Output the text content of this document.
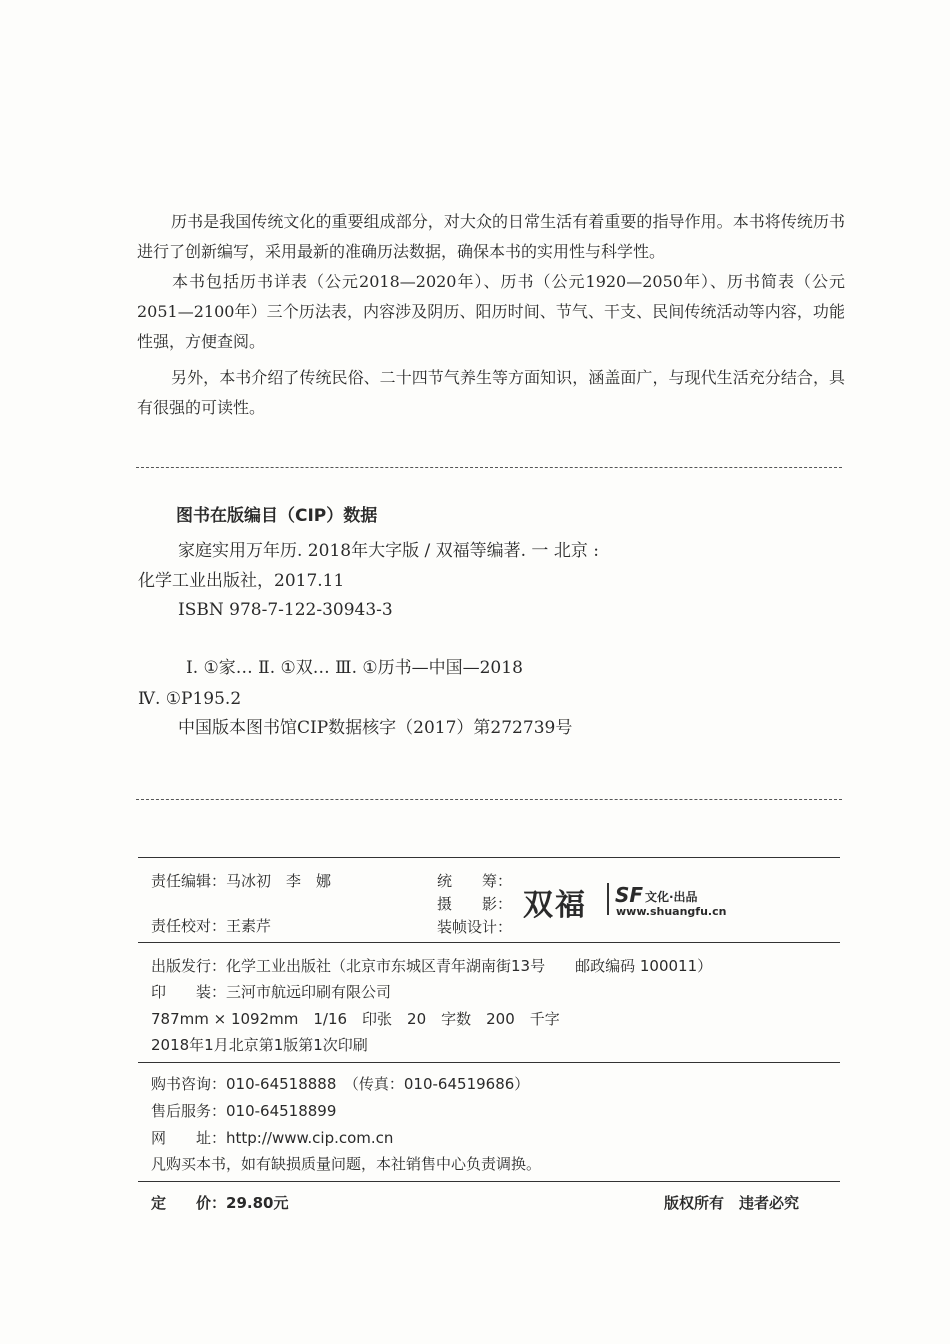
历书是我国传统文化的重要组成部分，对大众的日常生活有着重要的指导作用。本书将传统历书进行了创新编写，采用最新的准确历法数据，确保本书的实用性与科学性。
本书包括历书详表（公元2018—2020年）、历书（公元1920—2050年）、历书简表（公元2051—2100年）三个历法表，内容涉及阴历、阳历时间、节气、干支、民间传统活动等内容，功能性强，方便查阅。
另外，本书介绍了传统民俗、二十四节气养生等方面知识，涵盖面广，与现代生活充分结合，具有很强的可读性。
图书在版编目（CIP）数据
家庭实用万年历. 2018年大字版 / 双福等编著. 一 北京 :
化学工业出版社，2017.11
ISBN 978-7-122-30943-3
Ⅰ. ①家… Ⅱ. ①双… Ⅲ. ①历书—中国—2018
Ⅳ. ①P195.2
中国版本图书馆CIP数据核字（2017）第272739号
责任编辑：马冰初　李　娜
责任校对：王素芹
统　　筹：
摄　　影：
装帧设计：
双福 SF 文化·出品
www.shuangfu.cn
出版发行：化学工业出版社（北京市东城区青年湖南街13号　　邮政编码 100011）
印　　装：三河市航远印刷有限公司
787mm × 1092mm　1/16　印张　20　字数　200　千字
2018年1月北京第1版第1次印刷
购书咨询：010-64518888　（传真：010-64519686）
售后服务：010-64518899
网　　址：http://www.cip.com.cn
凡购买本书，如有缺损质量问题，本社销售中心负责调换。
定　　价：29.80元	版权所有　违者必究
